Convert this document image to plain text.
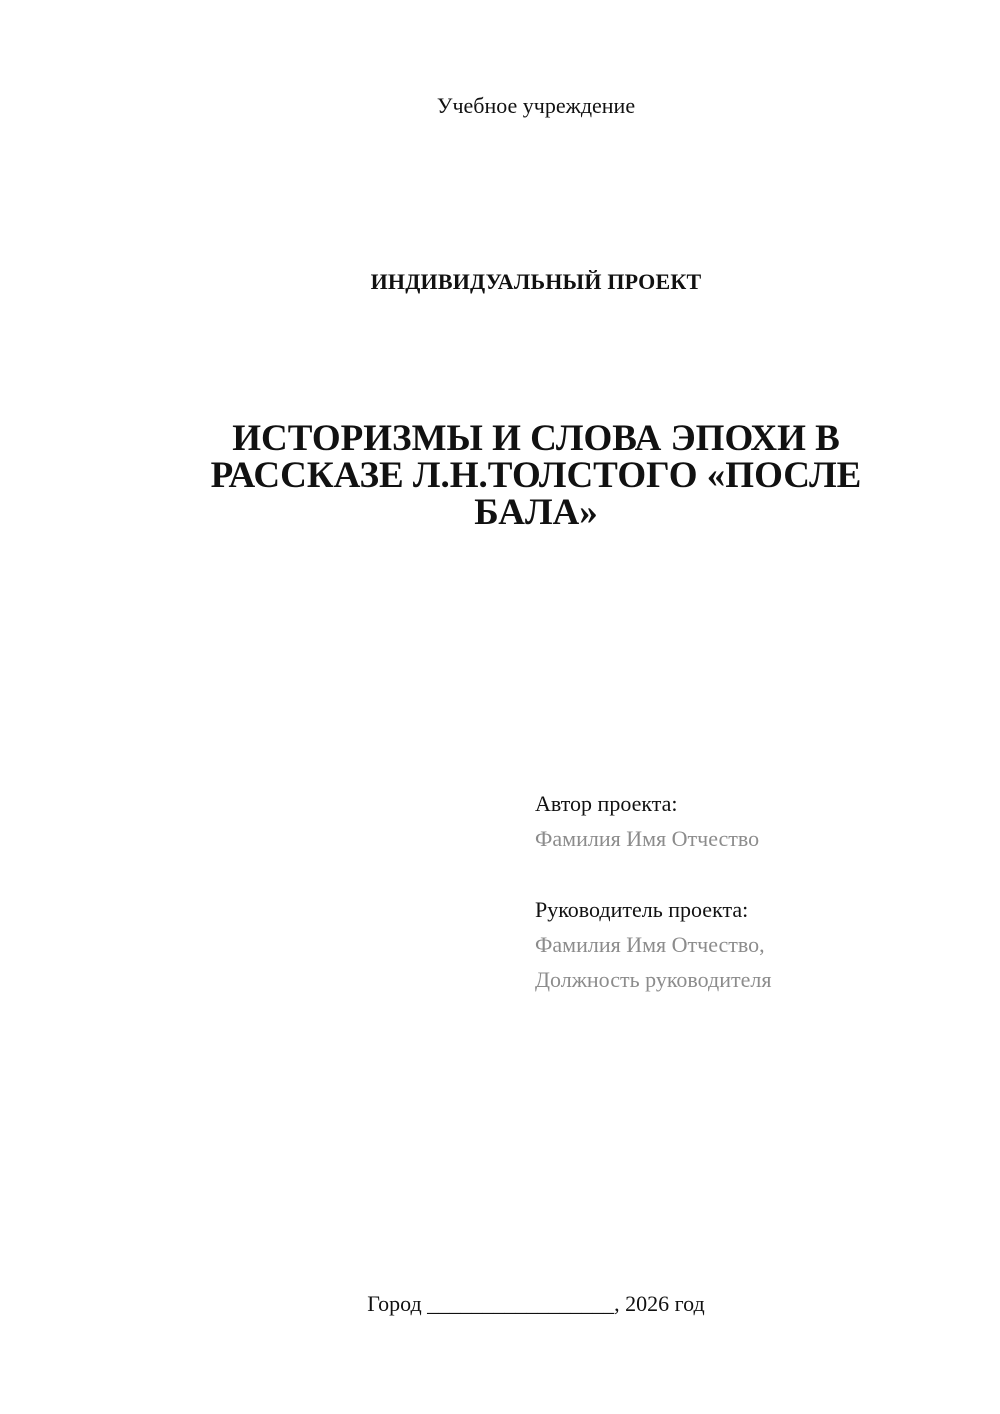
Учебное учреждение
ИНДИВИДУАЛЬНЫЙ ПРОЕКТ
ИСТОРИЗМЫ И СЛОВА ЭПОХИ В
РАССКАЗЕ Л.Н.ТОЛСТОГО «ПОСЛЕ
БАЛА»
Автор проекта:
Фамилия Имя Отчество
Руководитель проекта:
Фамилия Имя Отчество,
Должность руководителя
Город _________________, 2026 год
